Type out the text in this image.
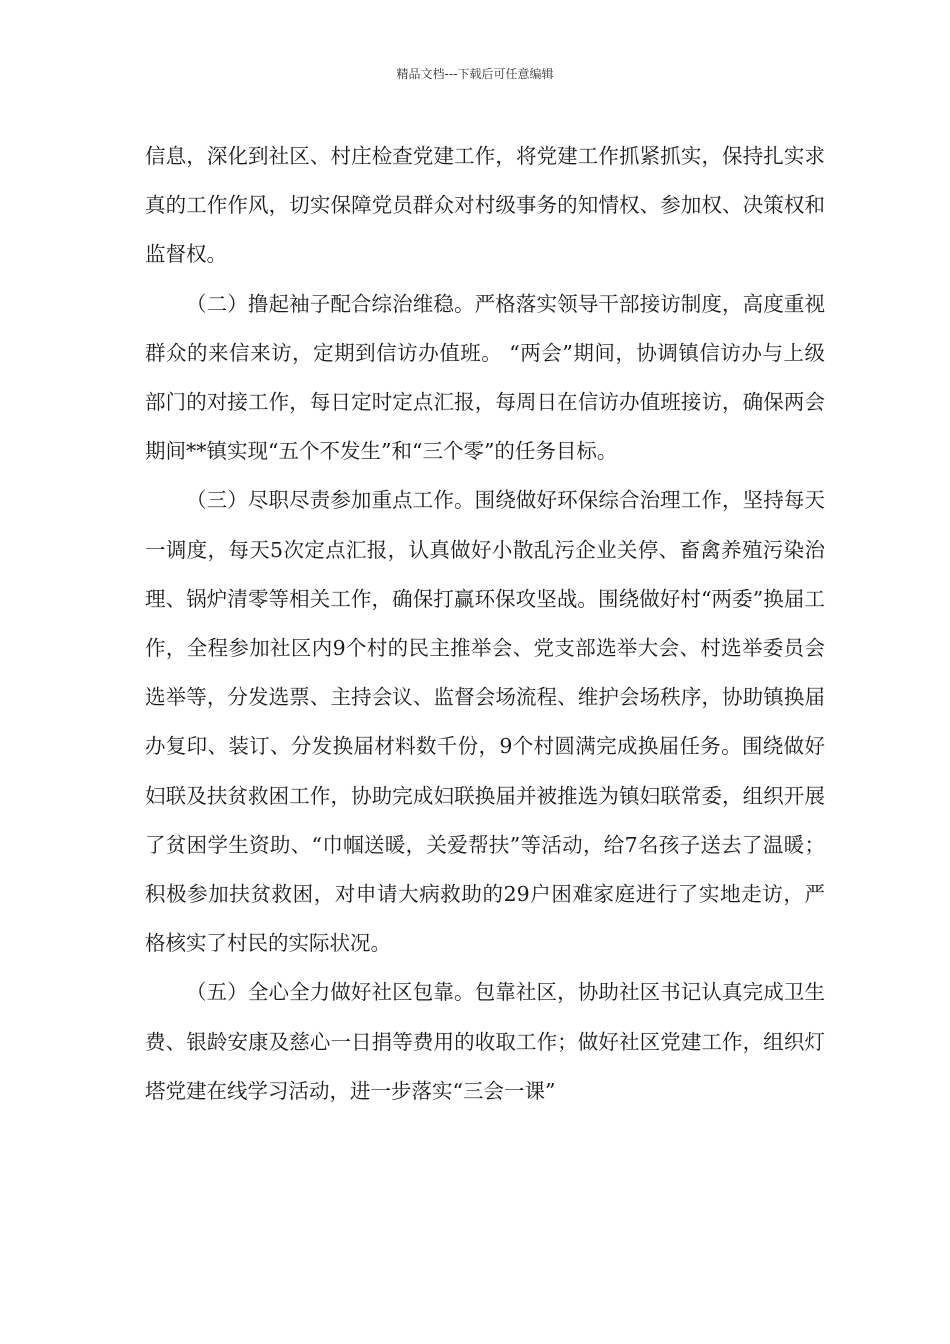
精品文档---下载后可任意编辑

信息，深化到社区、村庄检查党建工作，将党建工作抓紧抓实，保持扎实求真的工作作风，切实保障党员群众对村级事务的知情权、参加权、决策权和监督权。

（二）撸起袖子配合综治维稳。严格落实领导干部接访制度，高度重视群众的来信来访，定期到信访办值班。 “两会”期间，协调镇信访办与上级部门的对接工作，每日定时定点汇报，每周日在信访办值班接访，确保两会期间**镇实现“五个不发生”和“三个零”的任务目标。

（三）尽职尽责参加重点工作。围绕做好环保综合治理工作，坚持每天一调度，每天5次定点汇报，认真做好小散乱污企业关停、畜禽养殖污染治理、锅炉清零等相关工作，确保打赢环保攻坚战。围绕做好村“两委”换届工作，全程参加社区内9个村的民主推举会、党支部选举大会、村选举委员会选举等，分发选票、主持会议、监督会场流程、维护会场秩序，协助镇换届办复印、装订、分发换届材料数千份，9个村圆满完成换届任务。围绕做好妇联及扶贫救困工作，协助完成妇联换届并被推选为镇妇联常委，组织开展了贫困学生资助、“巾帼送暖，关爱帮扶”等活动，给7名孩子送去了温暖；积极参加扶贫救困，对申请大病救助的29户困难家庭进行了实地走访，严格核实了村民的实际状况。

（五）全心全力做好社区包靠。包靠社区，协助社区书记认真完成卫生费、银龄安康及慈心一日捐等费用的收取工作；做好社区党建工作，组织灯塔党建在线学习活动，进一步落实“三会一课”
